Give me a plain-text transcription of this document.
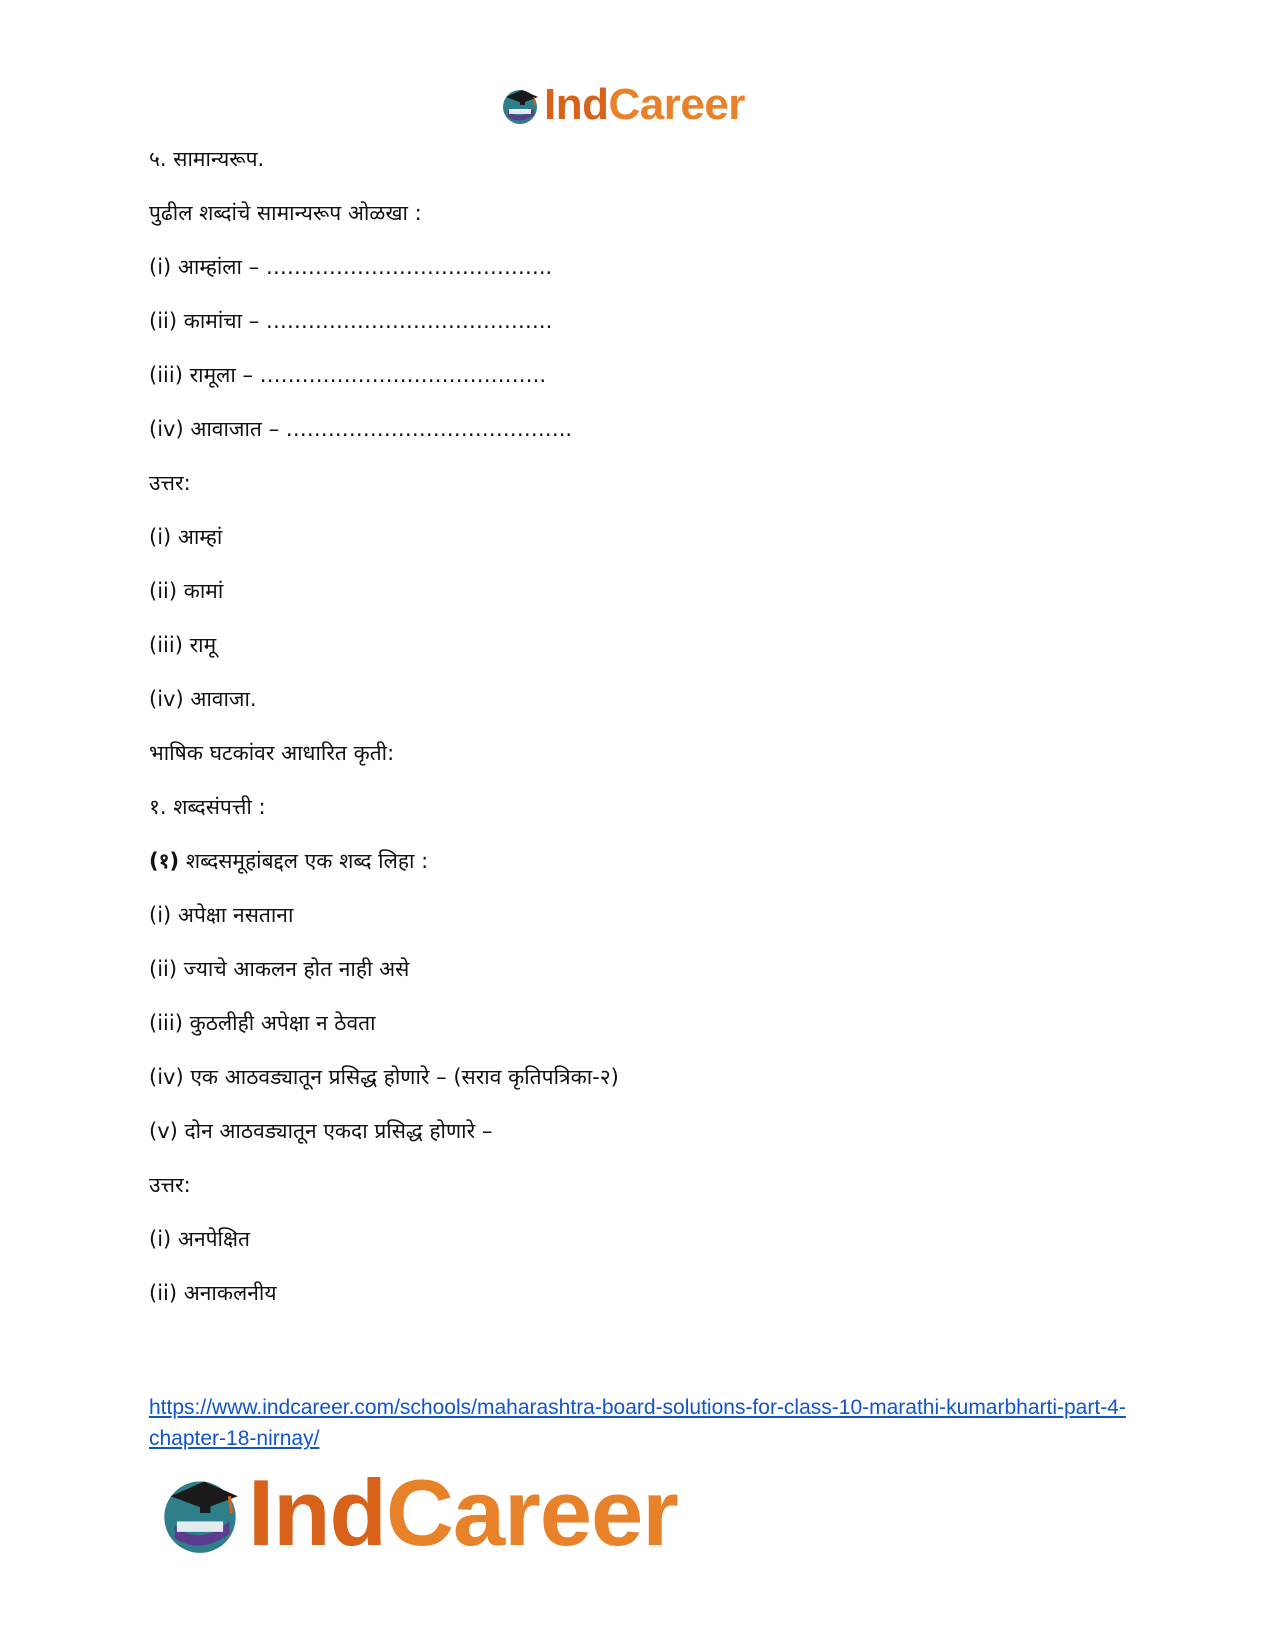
IndCareer

५. सामान्यरूप.

पुढील शब्दांचे सामान्यरूप ओळखा :

(i) आम्हांला – …………………………………..

(ii) कामांचा – …………………………………..

(iii) रामूला – …………………………………..

(iv) आवाजात – …………………………………..

उत्तर:

(i) आम्हां

(ii) कामां

(iii) रामू

(iv) आवाजा.

भाषिक घटकांवर आधारित कृती:

१. शब्दसंपत्ती :

(१) शब्दसमूहांबद्दल एक शब्द लिहा :

(i) अपेक्षा नसताना

(ii) ज्याचे आकलन होत नाही असे

(iii) कुठलीही अपेक्षा न ठेवता

(iv) एक आठवड्यातून प्रसिद्ध होणारे – (सराव कृतिपत्रिका-२)

(v) दोन आठवड्यातून एकदा प्रसिद्ध होणारे –

उत्तर:

(i) अनपेक्षित

(ii) अनाकलनीय

https://www.indcareer.com/schools/maharashtra-board-solutions-for-class-10-marathi-kumarbharti-part-4-chapter-18-nirnay/
IndCareer
